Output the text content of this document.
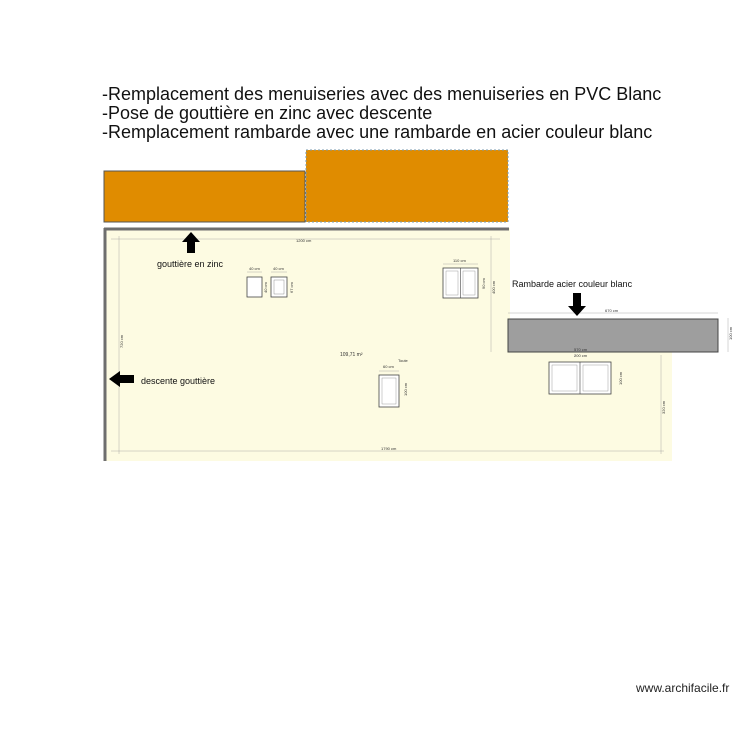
-Remplacement des menuiseries avec des menuiseries en PVC Blanc
-Pose de gouttière en zinc avec descente
-Remplacement rambarde avec une rambarde en acier couleur blanc
gouttière en zinc
descente gouttière
Rambarde acier couleur blanc
109,71 m²
Toute
1200 cm
1790 cm
720 cm
400 cm
320 cm
670 cm
100 cm
40 cm
40 cm
40 cm
67 cm
110 cm
90 cm
60 cm
100 cm
570 cm
200 cm
100 cm
www.archifacile.fr
